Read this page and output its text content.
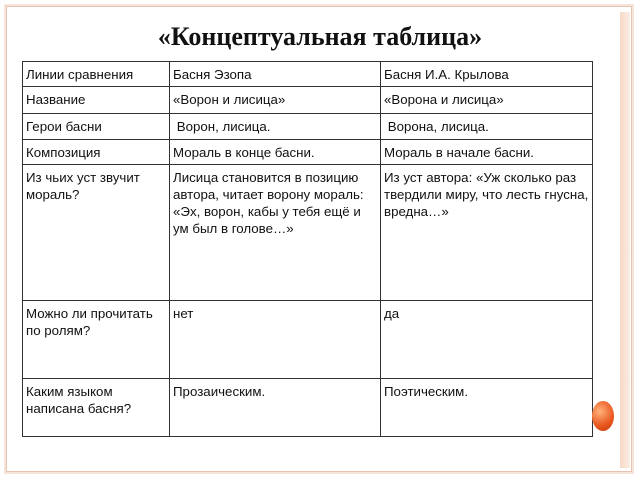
«Концептуальная таблица»
Линии сравнения	Басня Эзопа	Басня И.А. Крылова
Название	«Ворон и лисица»	«Ворона и лисица»
Герои басни	Ворон, лисица.	Ворона, лисица.
Композиция	Мораль в конце басни.	Мораль в начале басни.
Из чьих уст звучит мораль?	Лисица становится в позицию автора, читает ворону мораль: «Эх, ворон, кабы у тебя ещё и ум был в голове…»	Из уст автора: «Уж сколько раз твердили миру, что лесть гнусна, вредна…»
Можно ли прочитать по ролям?	нет	да
Каким языком написана басня?	Прозаическим.	Поэтическим.
